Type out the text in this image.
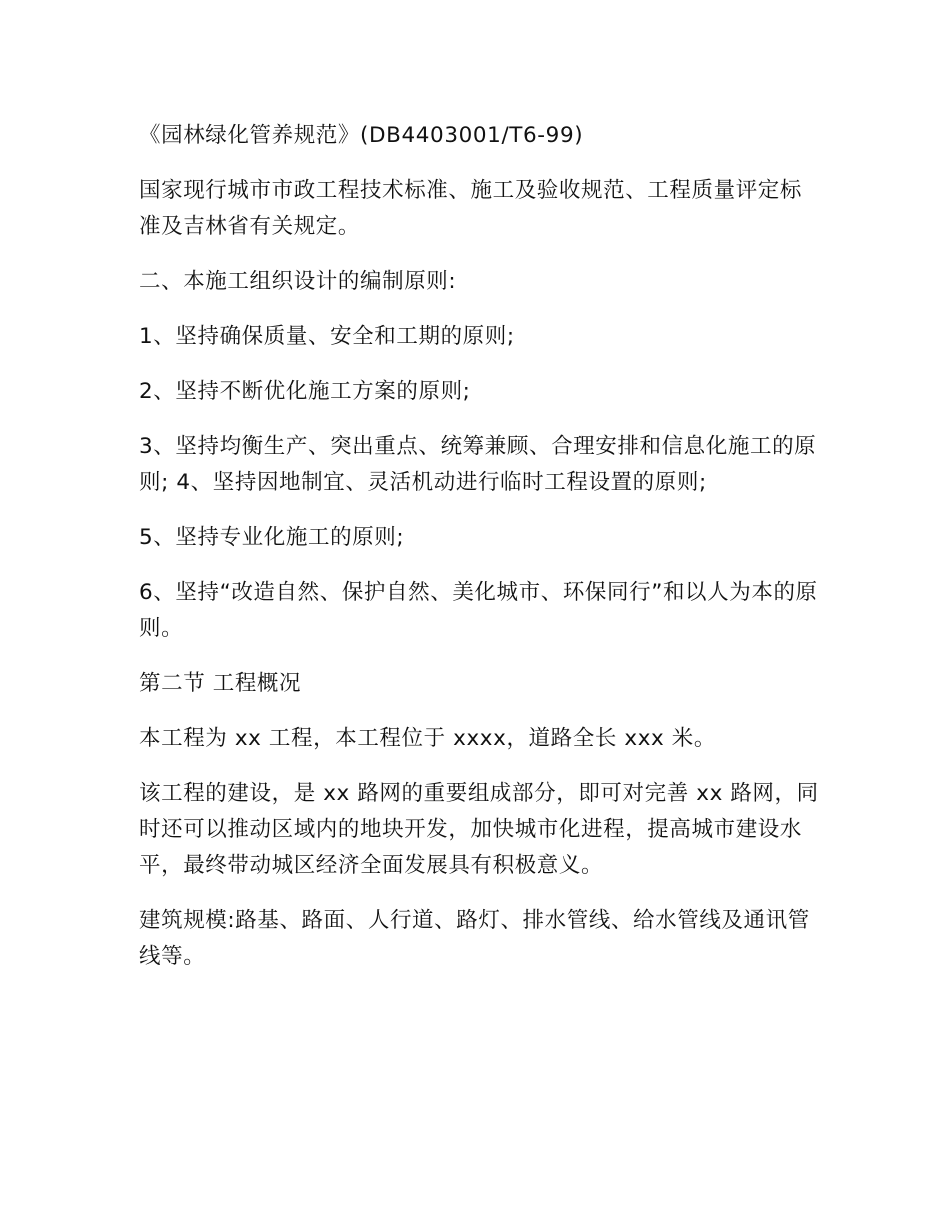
《园林绿化管养规范》(DB4403001/T6-99)

国家现行城市市政工程技术标准、施工及验收规范、工程质量评定标准及吉林省有关规定。

二、本施工组织设计的编制原则:

1、坚持确保质量、安全和工期的原则;

2、坚持不断优化施工方案的原则;

3、坚持均衡生产、突出重点、统筹兼顾、合理安排和信息化施工的原则; 4、坚持因地制宜、灵活机动进行临时工程设置的原则;

5、坚持专业化施工的原则;

6、坚持“改造自然、保护自然、美化城市、环保同行”和以人为本的原则。

第二节 工程概况

本工程为 xx 工程，本工程位于 xxxx，道路全长 xxx 米。

该工程的建设，是 xx 路网的重要组成部分，即可对完善 xx 路网，同时还可以推动区域内的地块开发，加快城市化进程，提高城市建设水平，最终带动城区经济全面发展具有积极意义。

建筑规模:路基、路面、人行道、路灯、排水管线、给水管线及通讯管线等。
